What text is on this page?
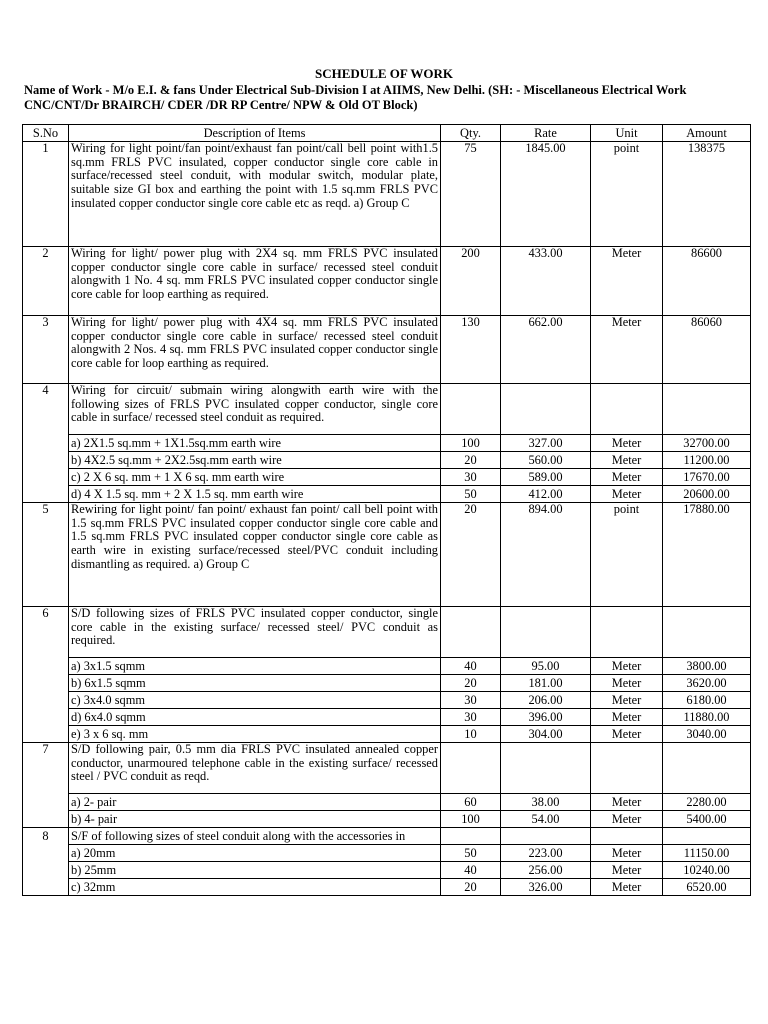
SCHEDULE OF WORK
Name of Work - M/o E.I. & fans Under Electrical Sub-Division I at AIIMS, New Delhi. (SH: - Miscellaneous Electrical Work
CNC/CNT/Dr BRAIRCH/ CDER /DR RP Centre/ NPW & Old OT Block)
S.No	Description of Items	Qty.	Rate	Unit	Amount
1	Wiring for light point/fan point/exhaust fan point/call bell point with1.5 sq.mm FRLS PVC insulated, copper conductor single core cable in surface/recessed steel conduit, with modular switch, modular plate, suitable size GI box and earthing the point with 1.5 sq.mm FRLS PVC insulated copper conductor single core cable etc as reqd. a) Group C	75	1845.00	point	138375
2	Wiring for light/ power plug with 2X4 sq. mm FRLS PVC insulated copper conductor single core cable in surface/ recessed steel conduit alongwith 1 No. 4 sq. mm FRLS PVC insulated copper conductor single core cable for loop earthing as required.	200	433.00	Meter	86600
3	Wiring for light/ power plug with 4X4 sq. mm FRLS PVC insulated copper conductor single core cable in surface/ recessed steel conduit alongwith 2 Nos. 4 sq. mm FRLS PVC insulated copper conductor single core cable for loop earthing as required.	130	662.00	Meter	86060
4	Wiring for circuit/ submain wiring alongwith earth wire with the following sizes of FRLS PVC insulated copper conductor, single core cable in surface/ recessed steel conduit as required.				
	a) 2X1.5 sq.mm + 1X1.5sq.mm earth wire	100	327.00	Meter	32700.00
	b) 4X2.5 sq.mm + 2X2.5sq.mm earth wire	20	560.00	Meter	11200.00
	c) 2 X 6 sq. mm + 1 X 6 sq. mm earth wire	30	589.00	Meter	17670.00
	d) 4 X 1.5 sq. mm + 2 X 1.5 sq. mm earth wire	50	412.00	Meter	20600.00
5	Rewiring for light point/ fan point/ exhaust fan point/ call bell point with 1.5 sq.mm FRLS PVC insulated copper conductor single core cable and 1.5 sq.mm FRLS PVC insulated copper conductor single core cable as earth wire in existing surface/recessed steel/PVC conduit including dismantling as required. a) Group C	20	894.00	point	17880.00
6	S/D following sizes of FRLS PVC insulated copper conductor, single core cable in the existing surface/ recessed steel/ PVC conduit as required.				
	a) 3x1.5 sqmm	40	95.00	Meter	3800.00
	b) 6x1.5 sqmm	20	181.00	Meter	3620.00
	c) 3x4.0 sqmm	30	206.00	Meter	6180.00
	d) 6x4.0 sqmm	30	396.00	Meter	11880.00
	e) 3 x 6 sq. mm	10	304.00	Meter	3040.00
7	S/D following pair, 0.5 mm dia FRLS PVC insulated annealed copper conductor, unarmoured telephone cable in the existing surface/ recessed steel / PVC conduit as reqd.				
	a) 2- pair	60	38.00	Meter	2280.00
	b) 4- pair	100	54.00	Meter	5400.00
8	S/F of following sizes of steel conduit along with the accessories in				
	a) 20mm	50	223.00	Meter	11150.00
	b) 25mm	40	256.00	Meter	10240.00
	c) 32mm	20	326.00	Meter	6520.00
